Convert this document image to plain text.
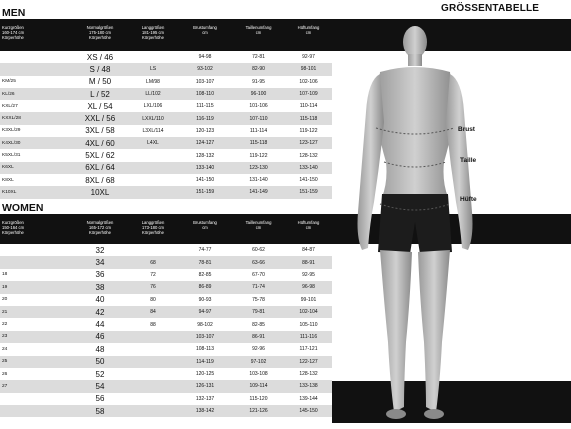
GRÖSSENTABELLE
MEN
Kurzgrößen
160-174 cm
Körperhöhe
Normalgrößen
175-180 cm
Körperhöhe
Langgrößen
181-195 cm
Körperhöhe
Brustumfang
cm
Taillenumfang
cm
Hüftumfang
cm
	XS / 46		94-98	72-81	92-97
	S / 48	LS	93-102	82-90	98-101
KM/25	M / 50	LM/98	103-107	91-95	102-106
KL/26	L / 52	LL/102	108-110	96-100	107-109
KXL/27	XL / 54	LXL/106	111-115	101-106	110-114
KXXL/28	XXL / 56	LXXL/110	116-119	107-110	115-118
K3XL/29	3XL / 58	L3XL/114	120-123	111-114	119-122
K4XL/30	4XL / 60	L4XL	124-127	115-118	123-127
K5XL/31	5XL / 62		128-132	119-122	128-132
K6XL	6XL / 64		133-140	123-130	133-140
K8XL	8XL / 68		141-150	131-140	141-150
K10XL	10XL		151-159	141-149	151-159
WOMEN
Kurzgrößen
150-164 cm
Körperhöhe
Normalgrößen
165-172 cm
Körperhöhe
Langgrößen
173-180 cm
Körperhöhe
Brustumfang
cm
Taillenumfang
cm
Hüftumfang
cm
	32		74-77	60-62	84-87
	34	68	78-81	63-66	88-91
18	36	72	82-85	67-70	92-95
19	38	76	86-89	71-74	96-98
20	40	80	90-93	75-78	99-101
21	42	84	94-97	79-81	102-104
22	44	88	98-102	82-85	105-110
23	46		103-107	86-91	111-116
24	48		108-113	92-96	117-121
25	50		114-119	97-102	122-127
26	52		120-125	103-108	128-132
27	54		126-131	109-114	133-138
	56		132-137	115-120	139-144
	58		138-142	121-126	145-150
Brust
Taille
Hüfte
